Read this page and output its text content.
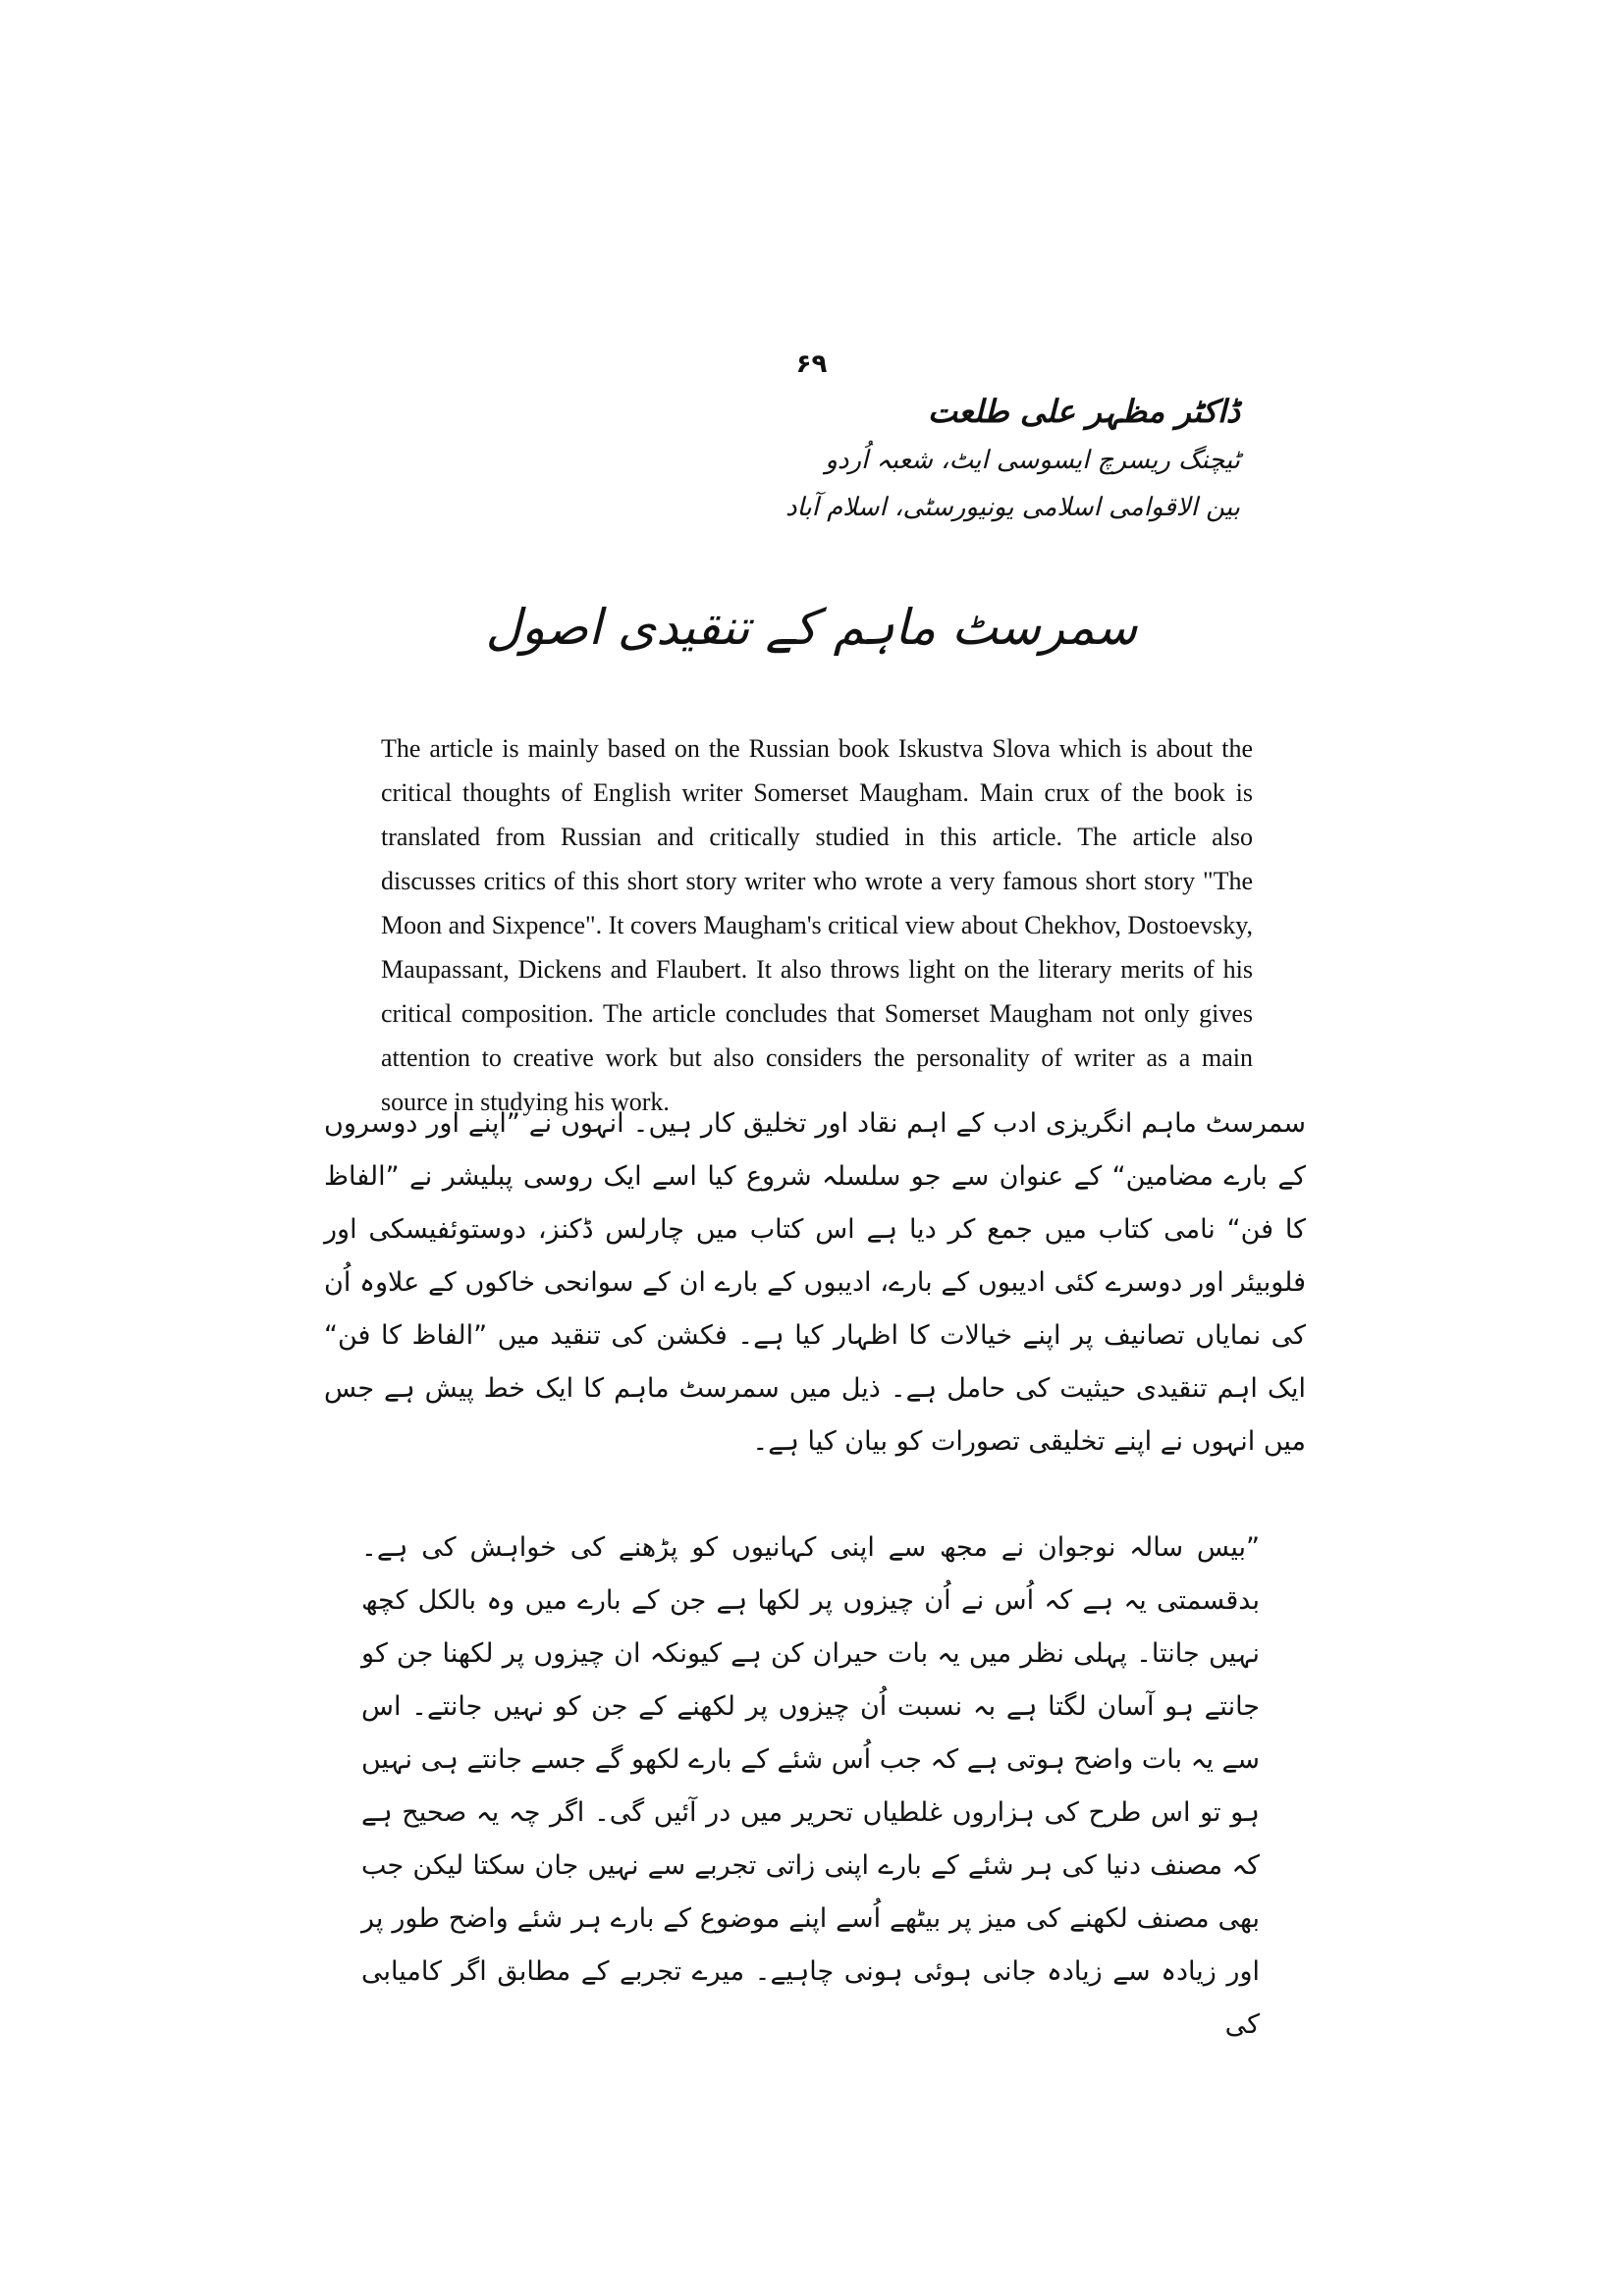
۶۹

ڈاکٹر مظہر علی طلعت

ٹیچنگ ریسرچ ایسوسی ایٹ، شعبہ اُردو

بین الاقوامی اسلامی یونیورسٹی، اسلام آباد

سمرسٹ ماہم کے تنقیدی اصول

The article is mainly based on the Russian book Iskustva Slova which is about the critical thoughts of English writer Somerset Maugham. Main crux of the book is translated from Russian and critically studied in this article. The article also discusses critics of this short story writer who wrote a very famous short story "The Moon and Sixpence". It covers Maugham's critical view about Chekhov, Dostoevsky, Maupassant, Dickens and Flaubert. It also throws light on the literary merits of his critical composition. The article concludes that Somerset Maugham not only gives attention to creative work but also considers the personality of writer as a main source in studying his work.

سمرسٹ ماہم انگریزی ادب کے اہم نقاد اور تخلیق کار ہیں۔ انہوں نے ”اپنے اور دوسروں کے بارے مضامین“ کے عنوان سے جو سلسلہ شروع کیا اسے ایک روسی پبلیشر نے ”الفاظ کا فن“ نامی کتاب میں جمع کر دیا ہے اس کتاب میں چارلس ڈکنز، دوستوئفیسکی اور فلوبیئر اور دوسرے کئی ادیبوں کے بارے، ادیبوں کے بارے ان کے سوانحی خاکوں کے علاوہ اُن کی نمایاں تصانیف پر اپنے خیالات کا اظہار کیا ہے۔ فکشن کی تنقید میں ”الفاظ کا فن“ ایک اہم تنقیدی حیثیت کی حامل ہے۔ ذیل میں سمرسٹ ماہم کا ایک خط پیش ہے جس میں انہوں نے اپنے تخلیقی تصورات کو بیان کیا ہے۔

”بیس سالہ نوجوان نے مجھ سے اپنی کہانیوں کو پڑھنے کی خواہش کی ہے۔ بدقسمتی یہ ہے کہ اُس نے اُن چیزوں پر لکھا ہے جن کے بارے میں وہ بالکل کچھ نہیں جانتا۔ پہلی نظر میں یہ بات حیران کن ہے کیونکہ ان چیزوں پر لکھنا جن کو جانتے ہو آسان لگتا ہے بہ نسبت اُن چیزوں پر لکھنے کے جن کو نہیں جانتے۔ اس سے یہ بات واضح ہوتی ہے کہ جب اُس شئے کے بارے لکھو گے جسے جانتے ہی نہیں ہو تو اس طرح کی ہزاروں غلطیاں تحریر میں در آئیں گی۔ اگر چہ یہ صحیح ہے کہ مصنف دنیا کی ہر شئے کے بارے اپنی زاتی تجربے سے نہیں جان سکتا لیکن جب بھی مصنف لکھنے کی میز پر بیٹھے اُسے اپنے موضوع کے بارے ہر شئے واضح طور پر اور زیادہ سے زیادہ جانی ہوئی ہونی چاہیے۔ میرے تجربے کے مطابق اگر کامیابی کی
